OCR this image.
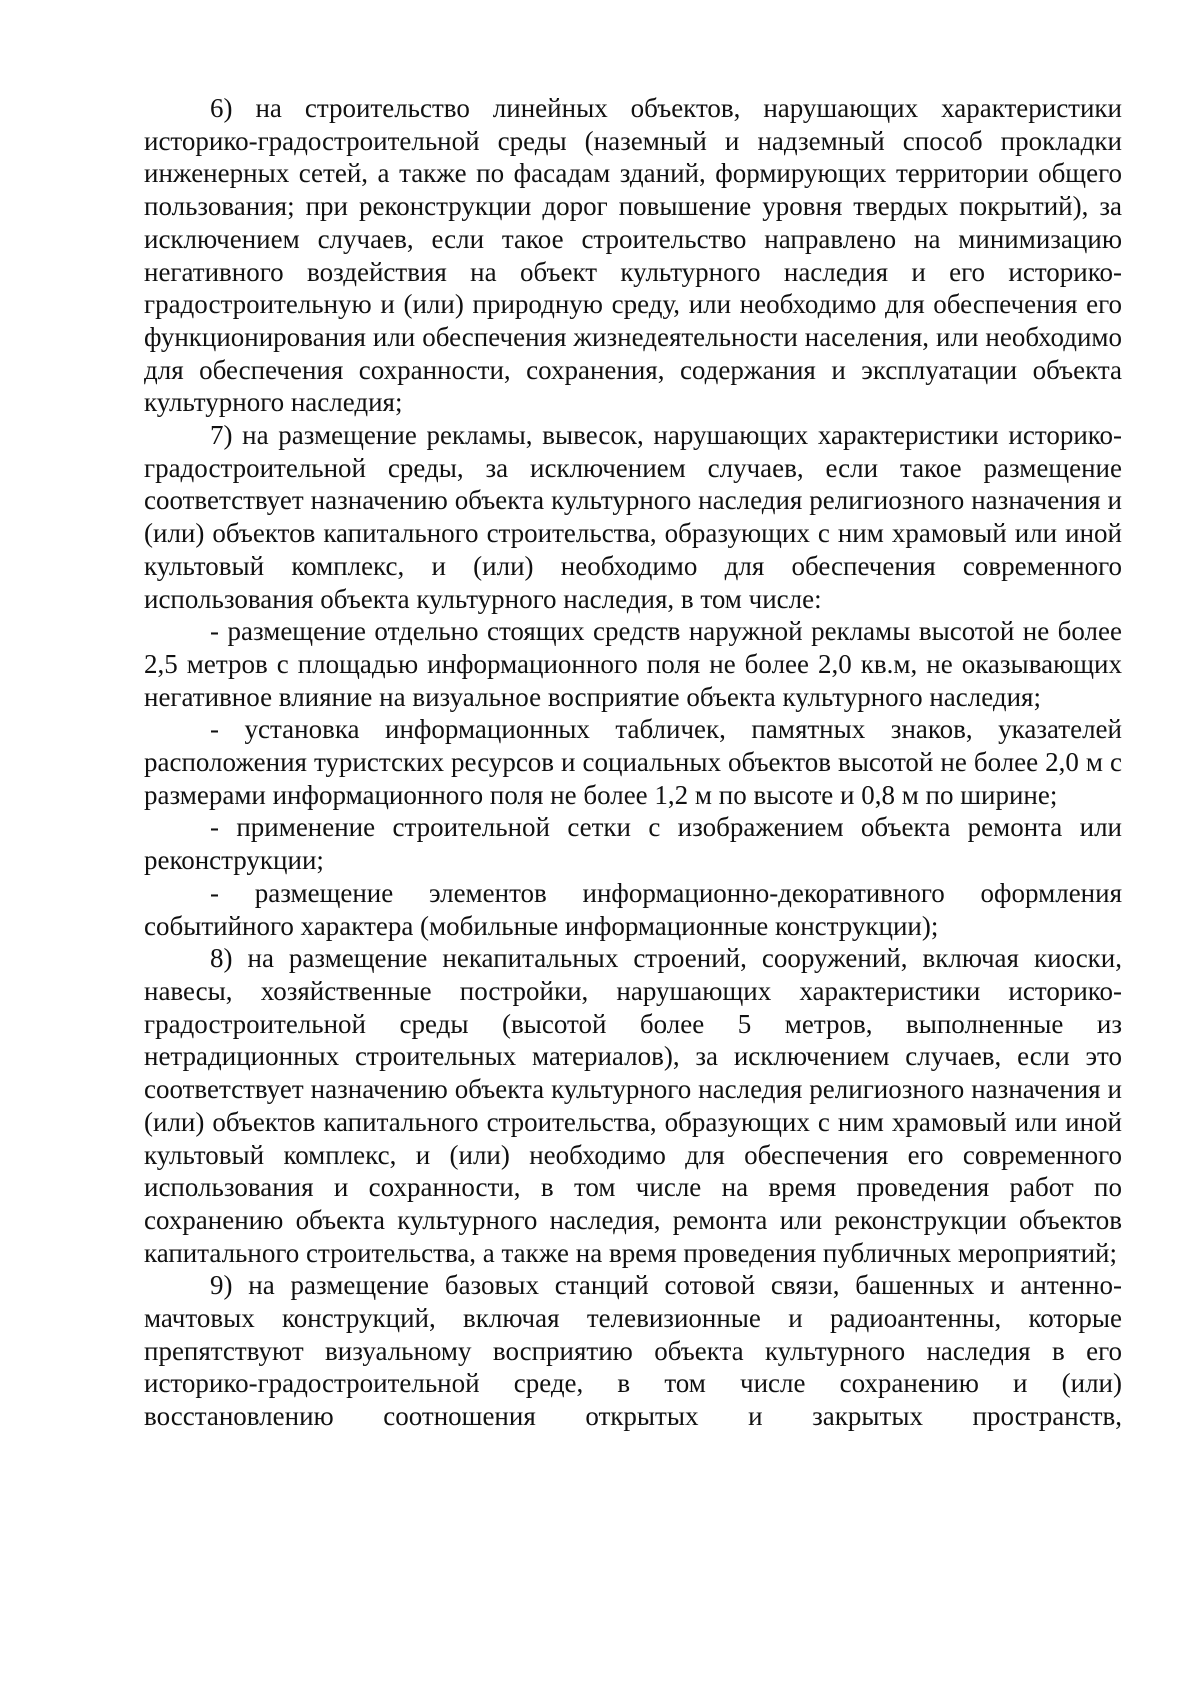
6) на строительство линейных объектов, нарушающих характеристики историко-градостроительной среды (наземный и надземный способ прокладки инженерных сетей, а также по фасадам зданий, формирующих территории общего пользования; при реконструкции дорог повышение уровня твердых покрытий), за исключением случаев, если такое строительство направлено на минимизацию негативного воздействия на объект культурного наследия и его историко-градостроительную и (или) природную среду, или необходимо для обеспечения его функционирования или обеспечения жизнедеятельности населения, или необходимо для обеспечения сохранности, сохранения, содержания и эксплуатации объекта культурного наследия;

7) на размещение рекламы, вывесок, нарушающих характеристики историко-градостроительной среды, за исключением случаев, если такое размещение соответствует назначению объекта культурного наследия религиозного назначения и (или) объектов капитального строительства, образующих с ним храмовый или иной культовый комплекс, и (или) необходимо для обеспечения современного использования объекта культурного наследия, в том числе:

- размещение отдельно стоящих средств наружной рекламы высотой не более 2,5 метров с площадью информационного поля не более 2,0 кв.м, не оказывающих негативное влияние на визуальное восприятие объекта культурного наследия;

- установка информационных табличек, памятных знаков, указателей расположения туристских ресурсов и социальных объектов высотой не более 2,0 м с размерами информационного поля не более 1,2 м по высоте и 0,8 м по ширине;

- применение строительной сетки с изображением объекта ремонта или реконструкции;

- размещение элементов информационно-декоративного оформления событийного характера (мобильные информационные конструкции);

8) на размещение некапитальных строений, сооружений, включая киоски, навесы, хозяйственные постройки, нарушающих характеристики историко-градостроительной среды (высотой более 5 метров, выполненные из нетрадиционных строительных материалов), за исключением случаев, если это соответствует назначению объекта культурного наследия религиозного назначения и (или) объектов капитального строительства, образующих с ним храмовый или иной культовый комплекс, и (или) необходимо для обеспечения его современного использования и сохранности, в том числе на время проведения работ по сохранению объекта культурного наследия, ремонта или реконструкции объектов капитального строительства, а также на время проведения публичных мероприятий;

9) на размещение базовых станций сотовой связи, башенных и антенно-мачтовых конструкций, включая телевизионные и радиоантенны, которые препятствуют визуальному восприятию объекта культурного наследия в его историко-градостроительной среде, в том числе сохранению и (или) восстановлению соотношения открытых и закрытых пространств,
